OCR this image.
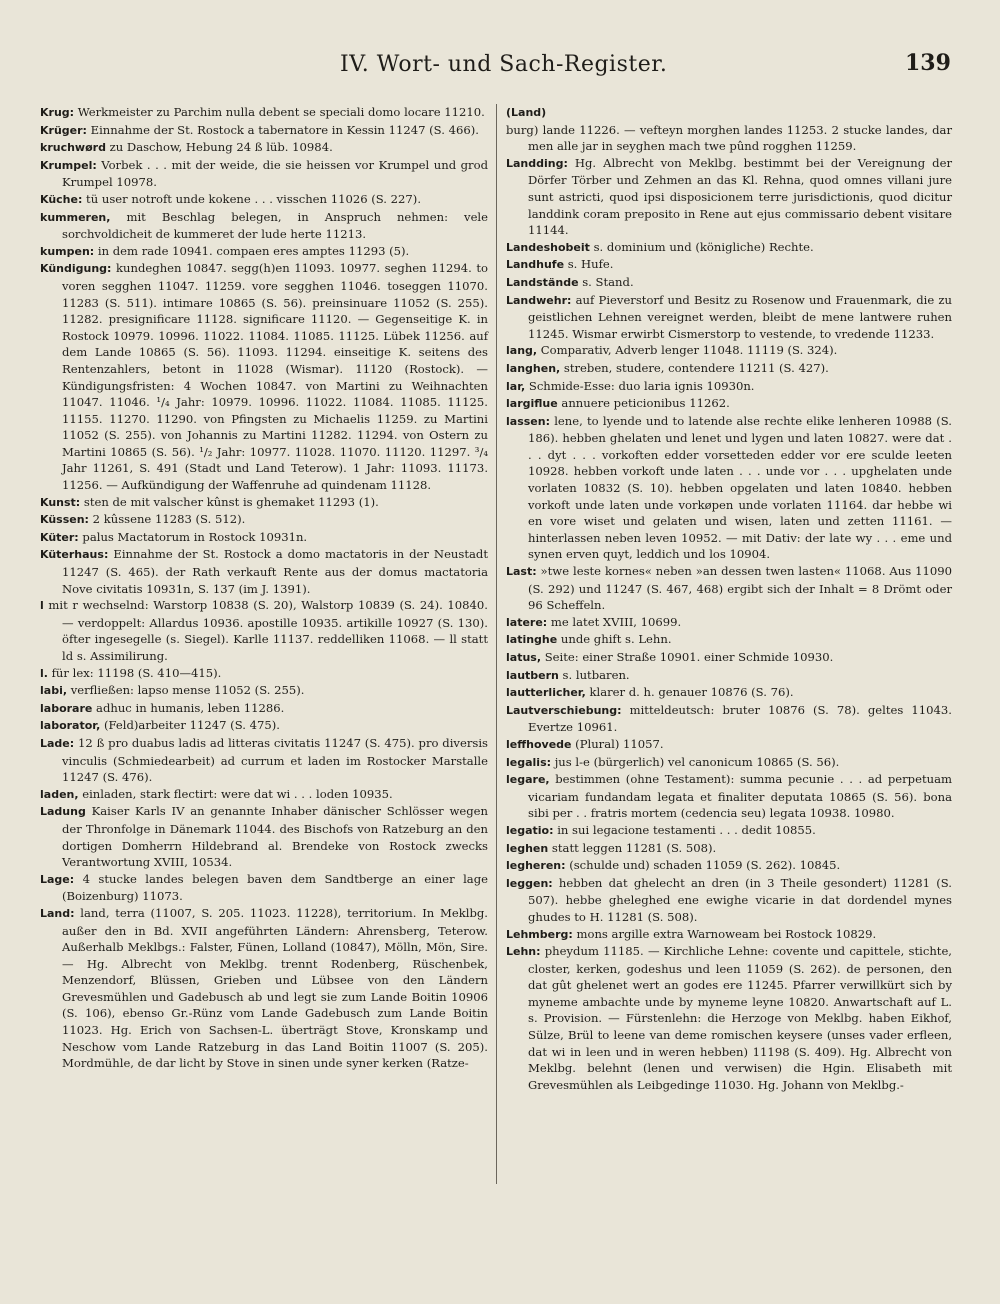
IV. Wort- und Sach-Register.	139

Krug: Werkmeister zu Parchim nulla debent se speciali domo locare 11210.

Krüger: Einnahme der St. Rostock a tabernatore in Kessin 11247 (S. 466).

kruchwørd zu Daschow, Hebung 24 ß lüb. 10984.

Krumpel: Vorbek . . . mit der weide, die sie heissen vor Krumpel und grod Krumpel 10978.

Küche: tü user notroft unde kokene . . . visschen 11026 (S. 227).

kummeren, mit Beschlag belegen, in Anspruch nehmen: vele sorchvoldicheit de kummeret der lude herte 11213.

kumpen: in dem rade 10941. compaen eres amptes 11293 (5).

Kündigung: kundeghen 10847. segg(h)en 11093. 10977. seghen 11294. to voren segghen 11047. 11259. vore segghen 11046. toseggen 11070. 11283 (S. 511). intimare 10865 (S. 56). preinsinuare 11052 (S. 255). 11282. presignificare 11128. significare 11120. — Gegenseitige K. in Rostock 10979. 10996. 11022. 11084. 11085. 11125. Lübek 11256. auf dem Lande 10865 (S. 56). 11093. 11294. einseitige K. seitens des Rentenzahlers, betont in 11028 (Wismar). 11120 (Rostock). — Kündigungsfristen: 4 Wochen 10847. von Martini zu Weihnachten 11047. 11046. ¹/₄ Jahr: 10979. 10996. 11022. 11084. 11085. 11125. 11155. 11270. 11290. von Pfingsten zu Michaelis 11259. zu Martini 11052 (S. 255). von Johannis zu Martini 11282. 11294. von Ostern zu Martini 10865 (S. 56). ¹/₂ Jahr: 10977. 11028. 11070. 11120. 11297. ³/₄ Jahr 11261, S. 491 (Stadt und Land Teterow). 1 Jahr: 11093. 11173. 11256. — Aufkündigung der Waffenruhe ad quindenam 11128.

Kunst: sten de mit valscher kûnst is ghemaket 11293 (1).

Küssen: 2 kûssene 11283 (S. 512).

Küter: palus Mactatorum in Rostock 10931n.

Küterhaus: Einnahme der St. Rostock a domo mactatoris in der Neustadt 11247 (S. 465). der Rath verkauft Rente aus der domus mactatoria Nove civitatis 10931n, S. 137 (im J. 1391).

l mit r wechselnd: Warstorp 10838 (S. 20), Walstorp 10839 (S. 24). 10840. — verdoppelt: Allardus 10936. apostille 10935. artikille 10927 (S. 130). öfter ingesegelle (s. Siegel). Karlle 11137. reddelliken 11068. — ll statt ld s. Assimilirung.

l. für lex: 11198 (S. 410—415).

labi, verfließen: lapso mense 11052 (S. 255).

laborare adhuc in humanis, leben 11286.

laborator, (Feld)arbeiter 11247 (S. 475).

Lade: 12 ß pro duabus ladis ad litteras civitatis 11247 (S. 475). pro diversis vinculis (Schmiedearbeit) ad currum et laden im Rostocker Marstalle 11247 (S. 476).

laden, einladen, stark flectirt: were dat wi . . . loden 10935.

Ladung Kaiser Karls IV an genannte Inhaber dänischer Schlösser wegen der Thronfolge in Dänemark 11044. des Bischofs von Ratzeburg an den dortigen Domherrn Hildebrand al. Brendeke von Rostock zwecks Verantwortung XVIII, 10534.

Lage: 4 stucke landes belegen baven dem Sandtberge an einer lage (Boizenburg) 11073.

Land: land, terra (11007, S. 205. 11023. 11228), territorium. In Meklbg. außer den in Bd. XVII angeführten Ländern: Ahrensberg, Teterow. Außerhalb Meklbgs.: Falster, Fünen, Lolland (10847), Mölln, Mön, Sire. — Hg. Albrecht von Meklbg. trennt Rodenberg, Rüschenbek, Menzendorf, Blüssen, Grieben und Lübsee von den Ländern Grevesmühlen und Gadebusch ab und legt sie zum Lande Boitin 10906 (S. 106), ebenso Gr.-Rünz vom Lande Gadebusch zum Lande Boitin 11023. Hg. Erich von Sachsen-L. überträgt Stove, Kronskamp und Neschow vom Lande Ratzeburg in das Land Boitin 11007 (S. 205). Mordmühle, de dar licht by Stove in sinen unde syner kerken (Ratze-

(Land)

burg) lande 11226. — vefteyn morghen landes 11253. 2 stucke landes, dar men alle jar in seyghen mach twe pûnd rogghen 11259.

Landding: Hg. Albrecht von Meklbg. bestimmt bei der Vereignung der Dörfer Törber und Zehmen an das Kl. Rehna, quod omnes villani jure sunt astricti, quod ipsi disposicionem terre jurisdictionis, quod dicitur landdink coram preposito in Rene aut ejus commissario debent visitare 11144.

Landeshobeit s. dominium und (königliche) Rechte.

Landhufe s. Hufe.

Landstände s. Stand.

Landwehr: auf Pieverstorf und Besitz zu Rosenow und Frauenmark, die zu geistlichen Lehnen vereignet werden, bleibt de mene lantwere ruhen 11245. Wismar erwirbt Cismerstorp to vestende, to vredende 11233.

lang, Comparativ, Adverb lenger 11048. 11119 (S. 324).

langhen, streben, studere, contendere 11211 (S. 427).

lar, Schmide-Esse: duo laria ignis 10930n.

largiflue annuere peticionibus 11262.

lassen: lene, to lyende und to latende alse rechte elike lenheren 10988 (S. 186). hebben ghelaten und lenet und lygen und laten 10827. were dat . . . dyt . . . vorkoften edder vorsetteden edder vor ere sculde leeten 10928. hebben vorkoft unde laten . . . unde vor . . . upghelaten unde vorlaten 10832 (S. 10). hebben opgelaten und laten 10840. hebben vorkoft unde laten unde vorkøpen unde vorlaten 11164. dar hebbe wi en vore wiset und gelaten und wisen, laten und zetten 11161. — hinterlassen neben leven 10952. — mit Dativ: der late wy . . . eme und synen erven quyt, leddich und los 10904.

Last: »twe leste kornes« neben »an dessen twen lasten« 11068. Aus 11090 (S. 292) und 11247 (S. 467, 468) ergibt sich der Inhalt = 8 Drömt oder 96 Scheffeln.

latere: me latet XVIII, 10699.

latinghe unde ghift s. Lehn.

latus, Seite: einer Straße 10901. einer Schmide 10930.

lautbern s. lutbaren.

lautterlicher, klarer d. h. genauer 10876 (S. 76).

Lautverschiebung: mitteldeutsch: bruter 10876 (S. 78). geltes 11043. Evertze 10961.

leffhovede (Plural) 11057.

legalis: jus l-e (bürgerlich) vel canonicum 10865 (S. 56).

legare, bestimmen (ohne Testament): summa pecunie . . . ad perpetuam vicariam fundandam legata et finaliter deputata 10865 (S. 56). bona sibi per . . fratris mortem (cedencia seu) legata 10938. 10980.

legatio: in sui legacione testamenti . . . dedit 10855.

leghen statt leggen 11281 (S. 508).

legheren: (schulde und) schaden 11059 (S. 262). 10845.

leggen: hebben dat ghelecht an dren (in 3 Theile gesondert) 11281 (S. 507). hebbe gheleghed ene ewighe vicarie in dat dordendel mynes ghudes to H. 11281 (S. 508).

Lehmberg: mons argille extra Warnoweam bei Rostock 10829.

Lehn: pheydum 11185. — Kirchliche Lehne: covente und capittele, stichte, closter, kerken, godeshus und leen 11059 (S. 262). de personen, den dat gût ghelenet wert an godes ere 11245. Pfarrer verwillkürt sich by myneme ambachte unde by myneme leyne 10820. Anwartschaft auf L. s. Provision. — Fürstenlehn: die Herzoge von Meklbg. haben Eikhof, Sülze, Brül to leene van deme romischen keysere (unses vader erfleen, dat wi in leen und in weren hebben) 11198 (S. 409). Hg. Albrecht von Meklbg. belehnt (lenen und verwisen) die Hgin. Elisabeth mit Grevesmühlen als Leibgedinge 11030. Hg. Johann von Meklbg.-
